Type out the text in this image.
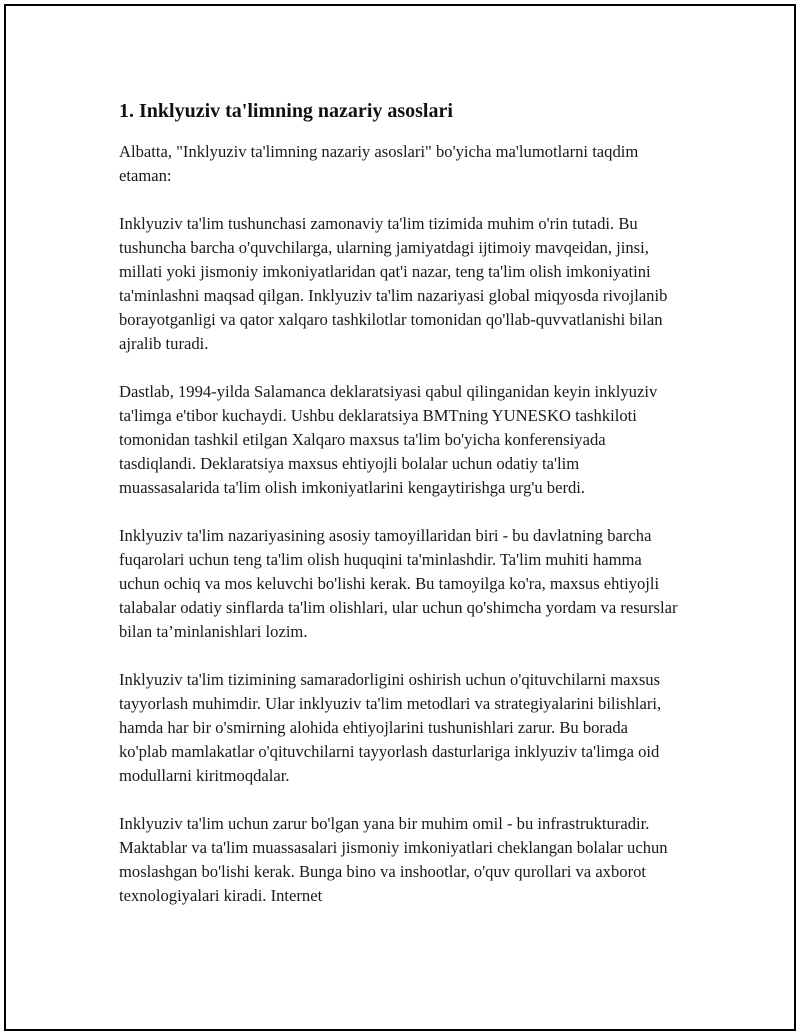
1. Inklyuziv ta'limning nazariy asoslari

Albatta, "Inklyuziv ta'limning nazariy asoslari" bo'yicha ma'lumotlarni taqdim etaman:

Inklyuziv ta'lim tushunchasi zamonaviy ta'lim tizimida muhim o'rin tutadi. Bu tushuncha barcha o'quvchilarga, ularning jamiyatdagi ijtimoiy mavqeidan, jinsi, millati yoki jismoniy imkoniyatlaridan qat'i nazar, teng ta'lim olish imkoniyatini ta'minlashni maqsad qilgan. Inklyuziv ta'lim nazariyasi global miqyosda rivojlanib borayotganligi va qator xalqaro tashkilotlar tomonidan qo'llab-quvvatlanishi bilan ajralib turadi.

Dastlab, 1994-yilda Salamanca deklaratsiyasi qabul qilinganidan keyin inklyuziv ta'limga e'tibor kuchaydi. Ushbu deklaratsiya BMTning YUNESKO tashkiloti tomonidan tashkil etilgan Xalqaro maxsus ta'lim bo'yicha konferensiyada tasdiqlandi. Deklaratsiya maxsus ehtiyojli bolalar uchun odatiy ta'lim muassasalarida ta'lim olish imkoniyatlarini kengaytirishga urg'u berdi.

Inklyuziv ta'lim nazariyasining asosiy tamoyillaridan biri - bu davlatning barcha fuqarolari uchun teng ta'lim olish huquqini ta'minlashdir. Ta'lim muhiti hamma uchun ochiq va mos keluvchi bo'lishi kerak. Bu tamoyilga ko'ra, maxsus ehtiyojli talabalar odatiy sinflarda ta'lim olishlari, ular uchun qo'shimcha yordam va resurslar bilan ta’minlanishlari lozim.

Inklyuziv ta'lim tizimining samaradorligini oshirish uchun o'qituvchilarni maxsus tayyorlash muhimdir. Ular inklyuziv ta'lim metodlari va strategiyalarini bilishlari, hamda har bir o'smirning alohida ehtiyojlarini tushunishlari zarur. Bu borada ko'plab mamlakatlar o'qituvchilarni tayyorlash dasturlariga inklyuziv ta'limga oid modullarni kiritmoqdalar.

Inklyuziv ta'lim uchun zarur bo'lgan yana bir muhim omil - bu infrastrukturadir. Maktablar va ta'lim muassasalari jismoniy imkoniyatlari cheklangan bolalar uchun moslashgan bo'lishi kerak. Bunga bino va inshootlar, o'quv qurollari va axborot texnologiyalari kiradi. Internet
